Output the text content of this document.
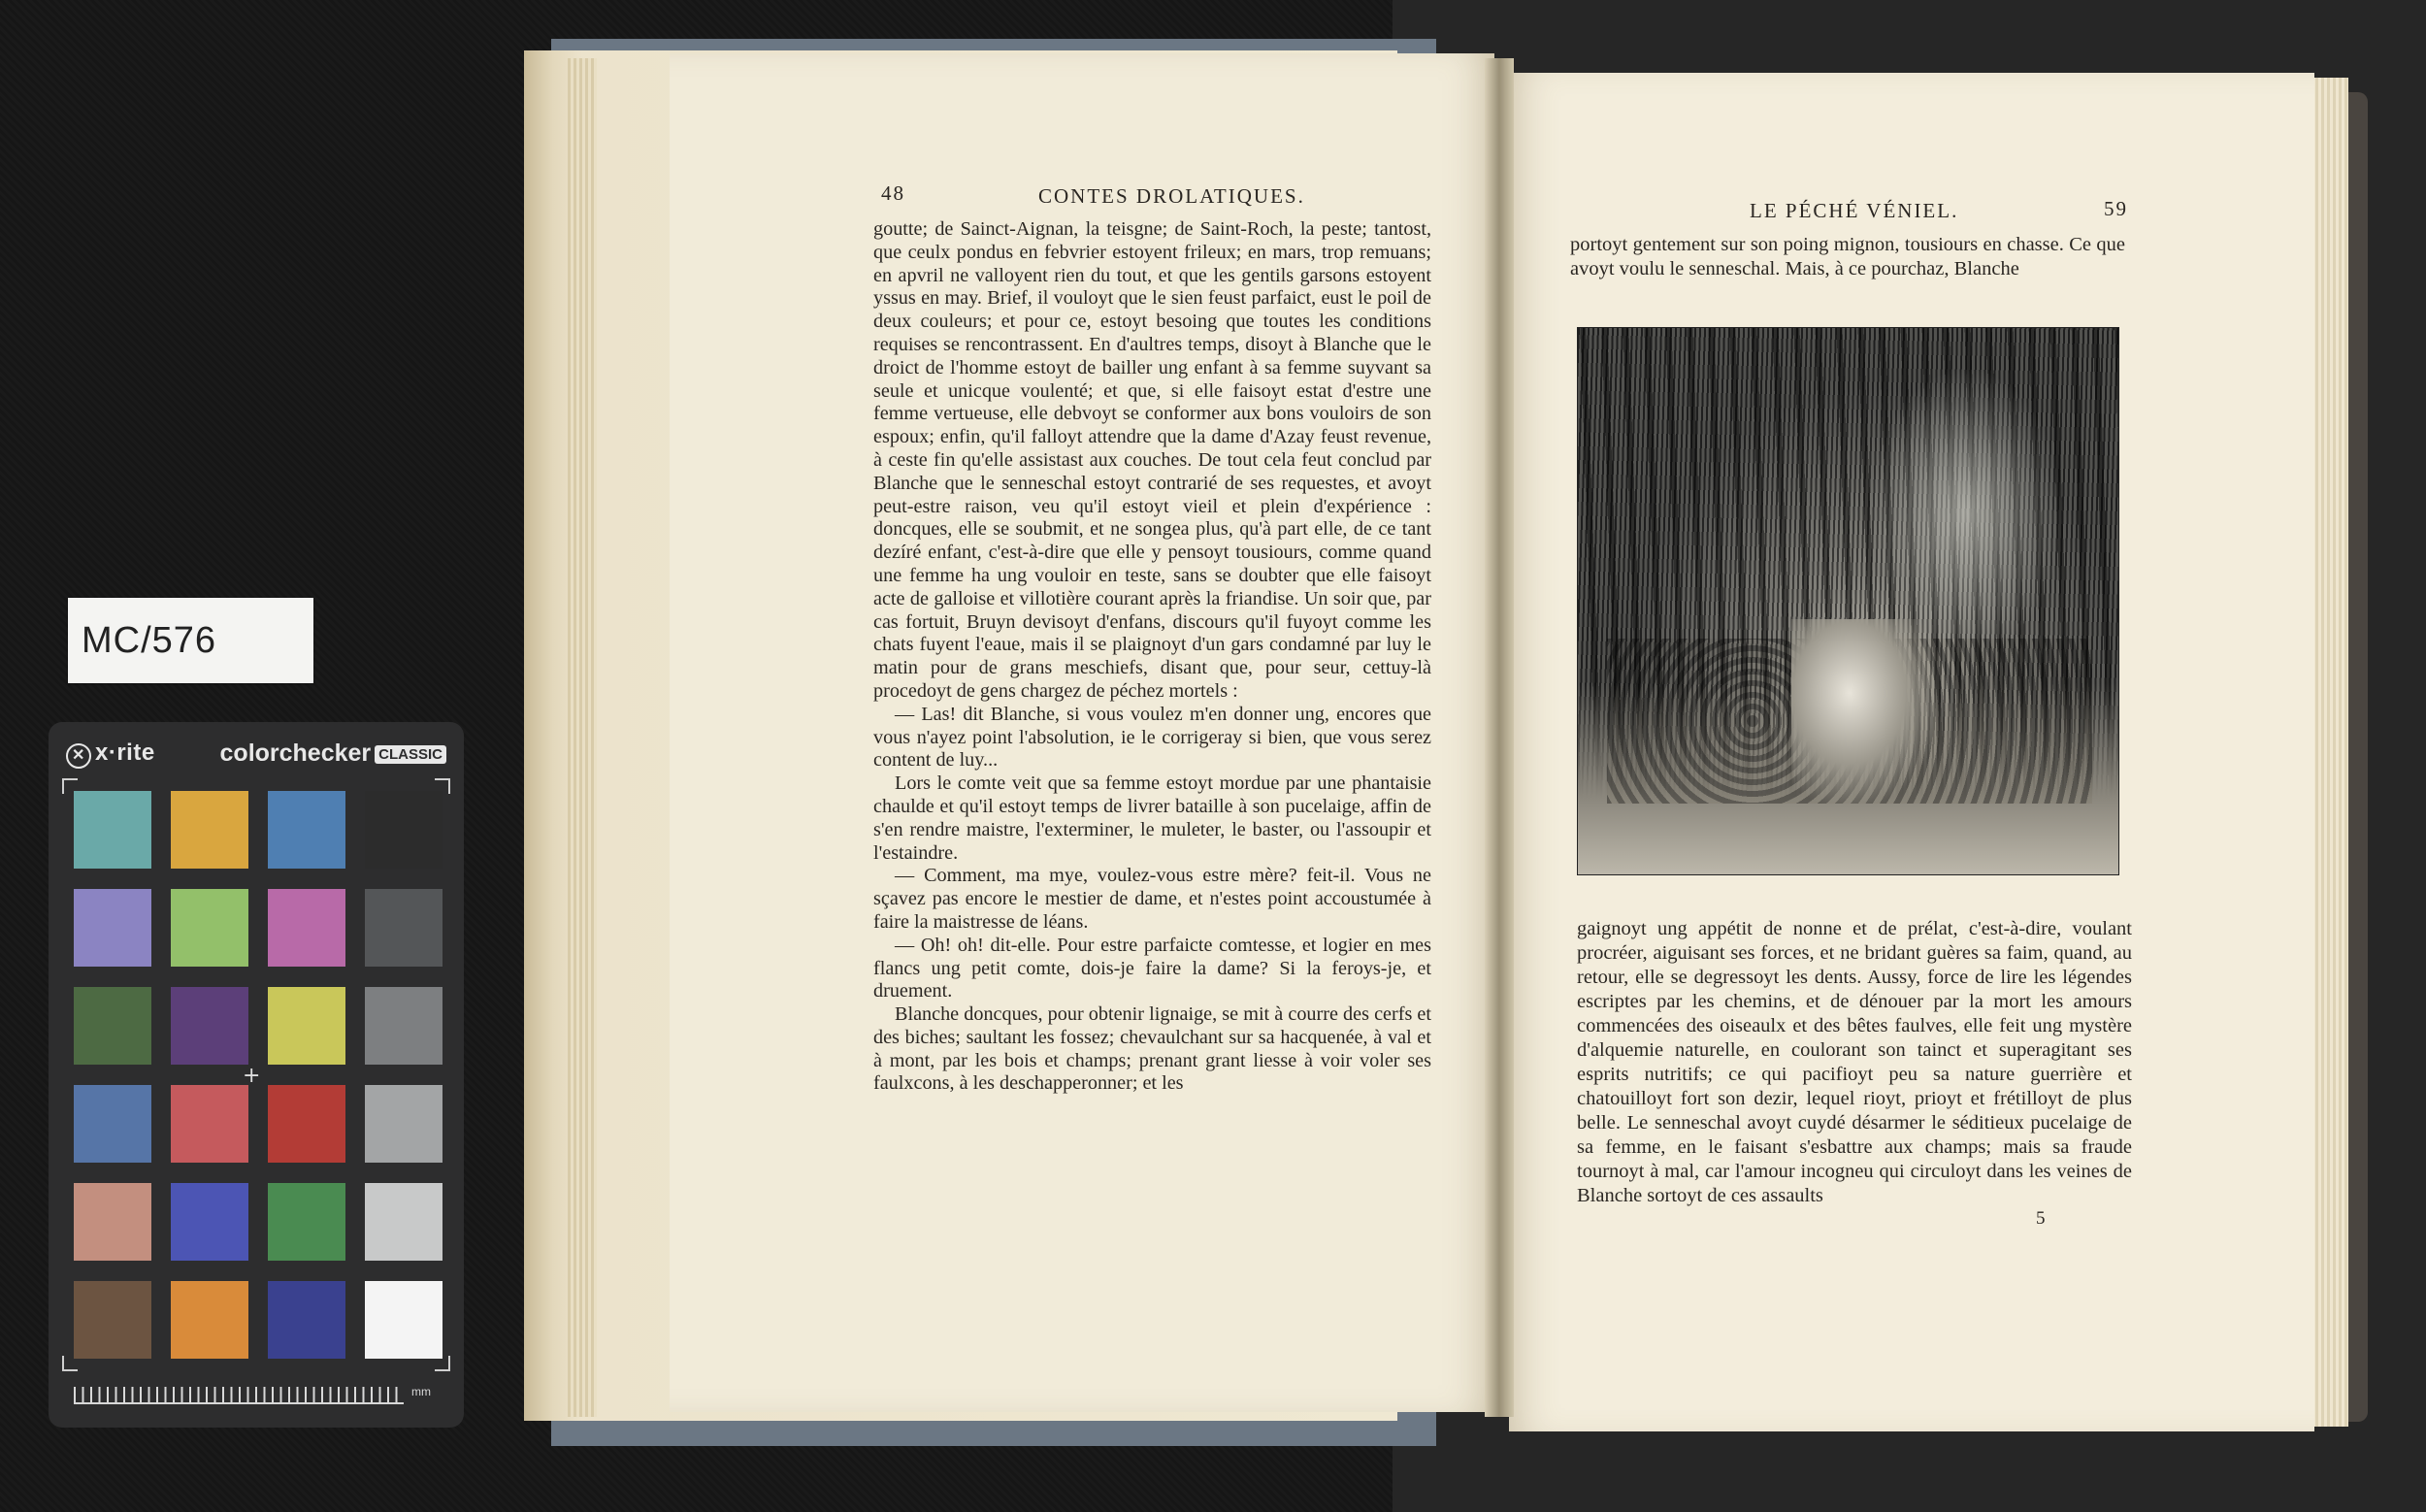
MC/576
✕ x·rite	colorchecker CLASSIC
+
mm
48	CONTES DROLATIQUES.

goutte; de Sainct-Aignan, la teisgne; de Saint-Roch, la peste; tantost, que ceulx pondus en febvrier estoyent frileux; en mars, trop remuans; en apvril ne valloyent rien du tout, et que les gentils garsons estoyent yssus en may. Brief, il vouloyt que le sien feust parfaict, eust le poil de deux couleurs; et pour ce, estoyt besoing que toutes les conditions requises se rencontrassent. En d'aultres temps, disoyt à Blanche que le droict de l'homme estoyt de bailler ung enfant à sa femme suyvant sa seule et unicque voulenté; et que, si elle faisoyt estat d'estre une femme vertueuse, elle debvoyt se conformer aux bons vouloirs de son espoux; enfin, qu'il falloyt attendre que la dame d'Azay feust revenue, à ceste fin qu'elle assistast aux couches. De tout cela feut conclud par Blanche que le senneschal estoyt contrarié de ses requestes, et avoyt peut-estre raison, veu qu'il estoyt vieil et plein d'expérience : doncques, elle se soubmit, et ne songea plus, qu'à part elle, de ce tant dezíré enfant, c'est-à-dire que elle y pensoyt tousiours, comme quand une femme ha ung vouloir en teste, sans se doubter que elle faisoyt acte de galloise et villotière courant après la friandise. Un soir que, par cas fortuit, Bruyn devisoyt d'enfans, discours qu'il fuyoyt comme les chats fuyent l'eaue, mais il se plaignoyt d'un gars condamné par luy le matin pour de grans meschiefs, disant que, pour seur, cettuy-là procedoyt de gens chargez de péchez mortels :

— Las! dit Blanche, si vous voulez m'en donner ung, encores que vous n'ayez point l'absolution, ie le corrigeray si bien, que vous serez content de luy...

Lors le comte veit que sa femme estoyt mordue par une phantaisie chaulde et qu'il estoyt temps de livrer bataille à son pucelaige, affin de s'en rendre maistre, l'exterminer, le muleter, le baster, ou l'assoupir et l'estaindre.

— Comment, ma mye, voulez-vous estre mère? feit-il. Vous ne sçavez pas encore le mestier de dame, et n'estes point accoustumée à faire la maistresse de léans.

— Oh! oh! dit-elle. Pour estre parfaicte comtesse, et logier en mes flancs ung petit comte, dois-je faire la dame? Si la feroys-je, et druement.

Blanche doncques, pour obtenir lignaige, se mit à courre des cerfs et des biches; saultant les fossez; chevaulchant sur sa hacquenée, à val et à mont, par les bois et champs; prenant grant liesse à voir voler ses faulxcons, à les deschapperonner; et les

LE PÉCHÉ VÉNIEL.	59

portoyt gentement sur son poing mignon, tousiours en chasse. Ce que avoyt voulu le senneschal. Mais, à ce pourchaz, Blanche

gaignoyt ung appétit de nonne et de prélat, c'est-à-dire, voulant procréer, aiguisant ses forces, et ne bridant guères sa faim, quand, au retour, elle se degressoyt les dents. Aussy, force de lire les légendes escriptes par les chemins, et de dénouer par la mort les amours commencées des oiseaulx et des bêtes faulves, elle feit ung mystère d'alquemie naturelle, en coulorant son tainct et superagitant ses esprits nutritifs; ce qui pacifioyt peu sa nature guerrière et chatouilloyt fort son dezir, lequel rioyt, prioyt et frétilloyt de plus belle. Le senneschal avoyt cuydé désarmer le séditieux pucelaige de sa femme, en le faisant s'esbattre aux champs; mais sa fraude tournoyt à mal, car l'amour incogneu qui circuloyt dans les veines de Blanche sortoyt de ces assaults

5
